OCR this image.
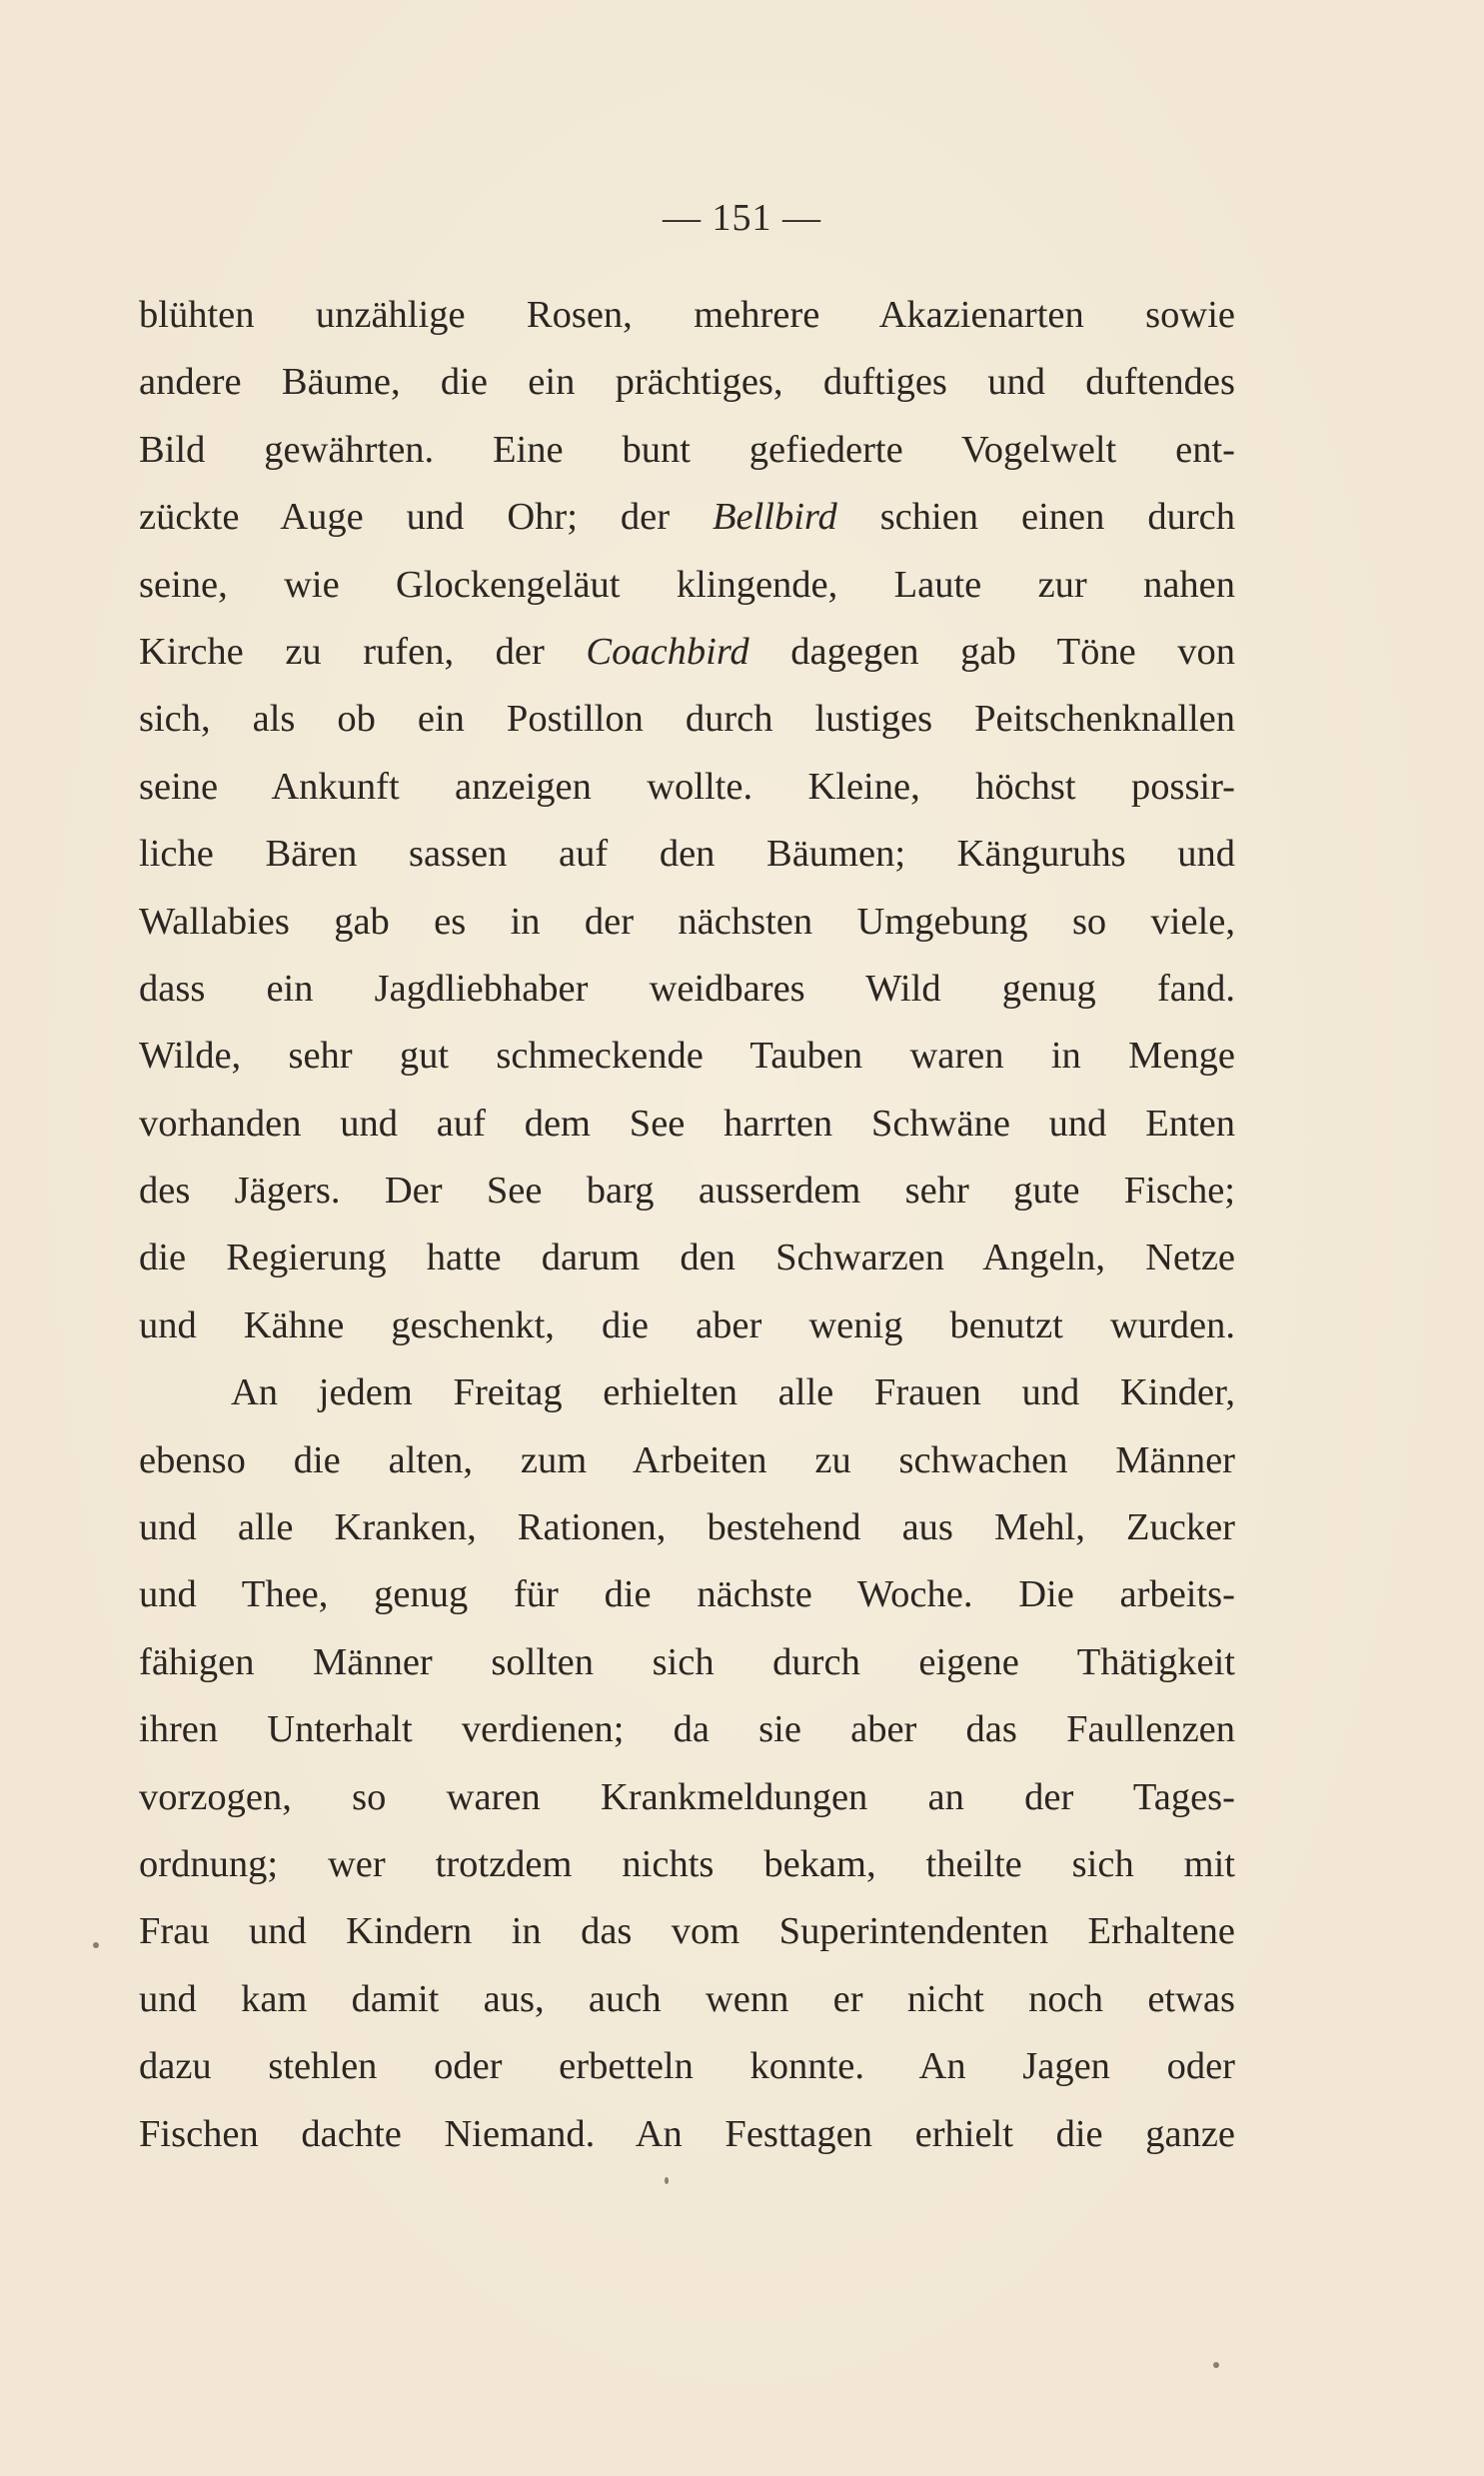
— 151 —
blühten unzählige Rosen, mehrere Akazienarten sowie
andere Bäume, die ein prächtiges, duftiges und duftendes
Bild gewährten. Eine bunt gefiederte Vogelwelt ent-
zückte Auge und Ohr; der Bellbird schien einen durch
seine, wie Glockengeläut klingende, Laute zur nahen
Kirche zu rufen, der Coachbird dagegen gab Töne von
sich, als ob ein Postillon durch lustiges Peitschenknallen
seine Ankunft anzeigen wollte. Kleine, höchst possir-
liche Bären sassen auf den Bäumen; Känguruhs und
Wallabies gab es in der nächsten Umgebung so viele,
dass ein Jagdliebhaber weidbares Wild genug fand.
Wilde, sehr gut schmeckende Tauben waren in Menge
vorhanden und auf dem See harrten Schwäne und Enten
des Jägers. Der See barg ausserdem sehr gute Fische;
die Regierung hatte darum den Schwarzen Angeln, Netze
und Kähne geschenkt, die aber wenig benutzt wurden.
An jedem Freitag erhielten alle Frauen und Kinder,
ebenso die alten, zum Arbeiten zu schwachen Männer
und alle Kranken, Rationen, bestehend aus Mehl, Zucker
und Thee, genug für die nächste Woche. Die arbeits-
fähigen Männer sollten sich durch eigene Thätigkeit
ihren Unterhalt verdienen; da sie aber das Faullenzen
vorzogen, so waren Krankmeldungen an der Tages-
ordnung; wer trotzdem nichts bekam, theilte sich mit
Frau und Kindern in das vom Superintendenten Erhaltene
und kam damit aus, auch wenn er nicht noch etwas
dazu stehlen oder erbetteln konnte. An Jagen oder
Fischen dachte Niemand. An Festtagen erhielt die ganze
